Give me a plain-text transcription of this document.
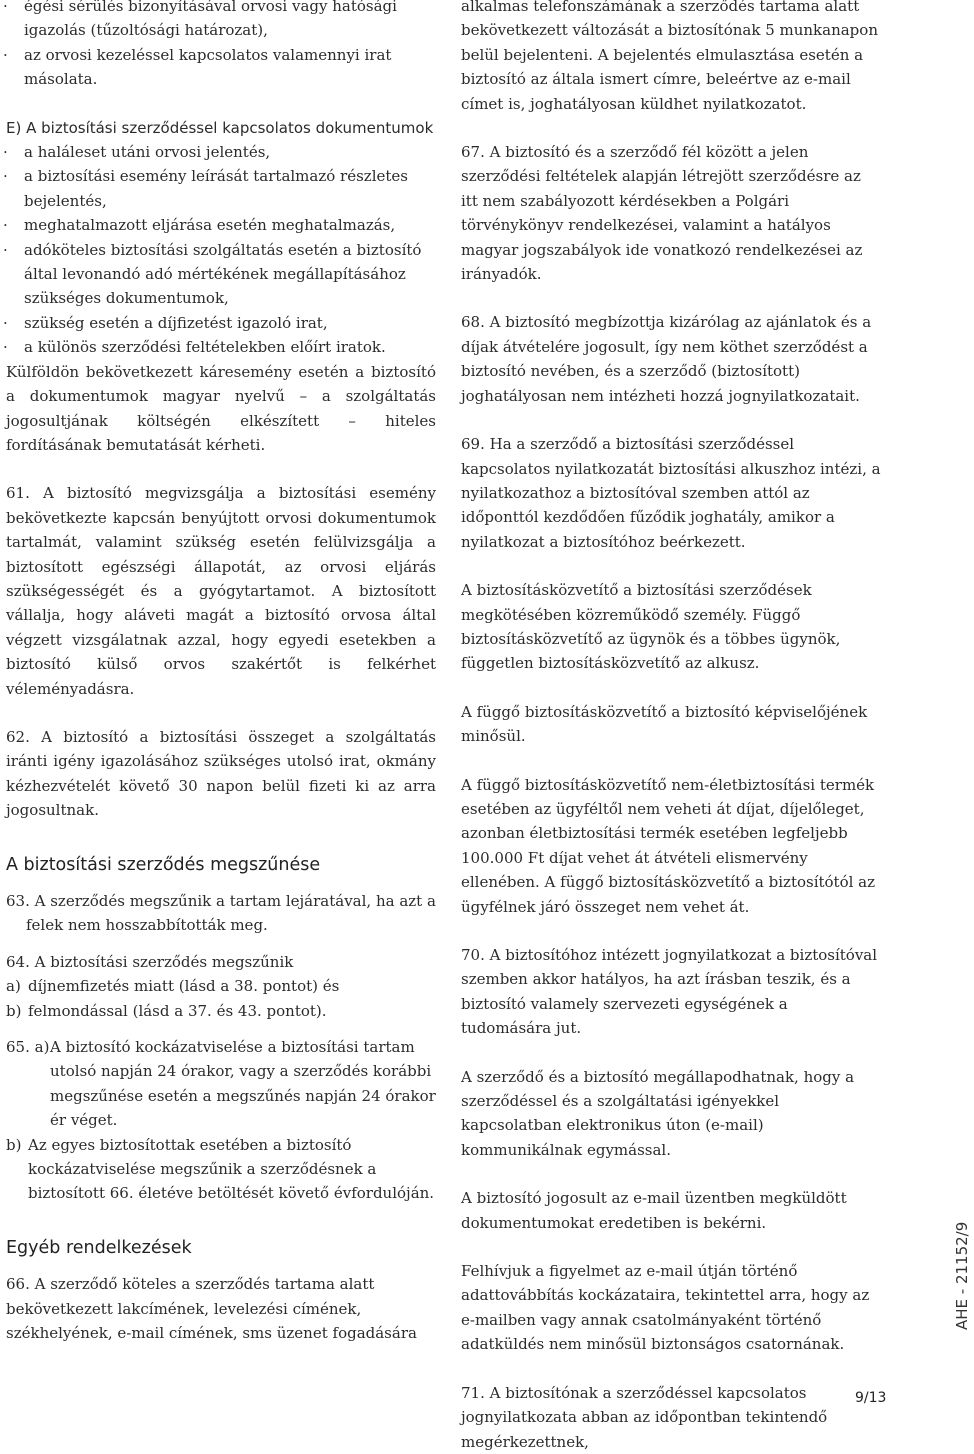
· égési sérülés bizonyításával orvosi vagy hatósági igazolás (tűzoltósági határozat),

· az orvosi kezeléssel kapcsolatos valamennyi irat másolata.

E) A biztosítási szerződéssel kapcsolatos dokumentumok

· a haláleset utáni orvosi jelentés,

· a biztosítási esemény leírását tartalmazó részletes bejelentés,

· meghatalmazott eljárása esetén meghatalmazás,

· adóköteles biztosítási szolgáltatás esetén a biztosító által levonandó adó mértékének megállapításához szükséges dokumentumok,

· szükség esetén a díjfizetést igazoló irat,

· a különös szerződési feltételekben előírt iratok.

Külföldön bekövetkezett káresemény esetén a biztosító a dokumentumok magyar nyelvű – a szolgáltatás jogosultjának költségén elkészített – hiteles fordításának bemutatását kérheti.

61. A biztosító megvizsgálja a biztosítási esemény bekövetkezte kapcsán benyújtott orvosi dokumentumok tartalmát, valamint szükség esetén felülvizsgálja a biztosított egészségi állapotát, az orvosi eljárás szükségességét és a gyógytartamot. A biztosított vállalja, hogy aláveti magát a biztosító orvosa által végzett vizsgálatnak azzal, hogy egyedi esetekben a biztosító külső orvos szakértőt is felkérhet véleményadásra.

62. A biztosító a biztosítási összeget a szolgáltatás iránti igény igazolásához szükséges utolsó irat, okmány kézhezvételét követő 30 napon belül fizeti ki az arra jogosultnak.

A biztosítási szerződés megszűnése

63. A szerződés megszűnik a tartam lejáratával, ha azt a felek nem hosszabbították meg.

64. A biztosítási szerződés megszűnik

a) díjnemfizetés miatt (lásd a 38. pontot) és
b) felmondással (lásd a 37. és 43. pontot).
65. a) A biztosító kockázatviselése a biztosítási tartam utolsó napján 24 órakor, vagy a szerződés korábbi megszűnése esetén a megszűnés napján 24 órakor ér véget.
b) Az egyes biztosítottak esetében a biztosító kockázatviselése megszűnik a szerződésnek a biztosított 66. életéve betöltését követő évfordulóján.
Egyéb rendelkezések

66. A szerződő köteles a szerződés tartama alatt bekövetkezett lakcímének, levelezési címének, székhelyének, e-mail címének, sms üzenet fogadására

alkalmas telefonszámának a szerződés tartama alatt bekövetkezett változását a biztosítónak 5 munkanapon belül bejelenteni. A bejelentés elmulasztása esetén a biztosító az általa ismert címre, beleértve az e-mail címet is, joghatályosan küldhet nyilatkozatot.

67. A biztosító és a szerződő fél között a jelen szerződési feltételek alapján létrejött szerződésre az itt nem szabályozott kérdésekben a Polgári törvénykönyv rendelkezései, valamint a hatályos magyar jogszabályok ide vonatkozó rendelkezései az irányadók.

68. A biztosító megbízottja kizárólag az ajánlatok és a díjak átvételére jogosult, így nem köthet szerződést a biztosító nevében, és a szerződő (biztosított) joghatályosan nem intézheti hozzá jognyilatkozatait.

69. Ha a szerződő a biztosítási szerződéssel kapcsolatos nyilatkozatát biztosítási alkuszhoz intézi, a nyilatkozathoz a biztosítóval szemben attól az időponttól kezdődően fűződik joghatály, amikor a nyilatkozat a biztosítóhoz beérkezett.

A biztosításközvetítő a biztosítási szerződések megkötésében közreműködő személy. Függő biztosításközvetítő az ügynök és a többes ügynök, független biztosításközvetítő az alkusz.

A függő biztosításközvetítő a biztosító képviselőjének minősül.

A függő biztosításközvetítő nem-életbiztosítási termék esetében az ügyféltől nem veheti át díjat, díjelőleget, azonban életbiztosítási termék esetében legfeljebb 100.000 Ft díjat vehet át átvételi elismervény ellenében. A függő biztosításközvetítő a biztosítótól az ügyfélnek járó összeget nem vehet át.

70. A biztosítóhoz intézett jognyilatkozat a biztosítóval szemben akkor hatályos, ha azt írásban teszik, és a biztosító valamely szervezeti egységének a tudomására jut.

A szerződő és a biztosító megállapodhatnak, hogy a szerződéssel és a szolgáltatási igényekkel kapcsolatban elektronikus úton (e-mail) kommunikálnak egymással.

A biztosító jogosult az e-mail üzentben megküldött dokumentumokat eredetiben is bekérni.

Felhívjuk a figyelmet az e-mail útján történő adattovábbítás kockázataira, tekintettel arra, hogy az e-mailben vagy annak csatolmányaként történő adatküldés nem minősül biztonságos csatornának.

71. A biztosítónak a szerződéssel kapcsolatos jognyilatkozata abban az időpontban tekintendő megérkezettnek,

AHE - 21152/9
9/13
